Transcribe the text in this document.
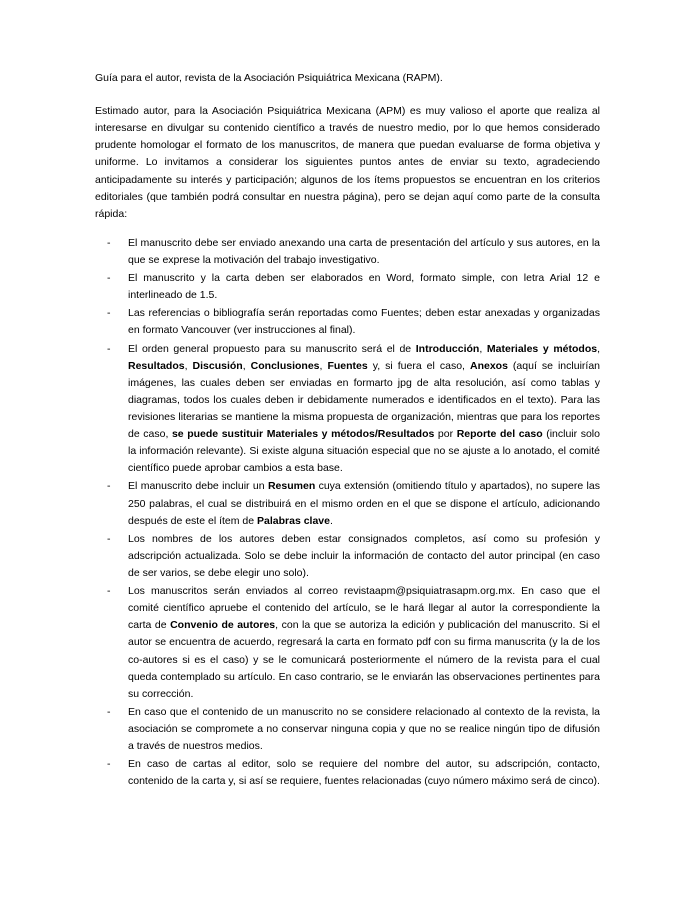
Guía para el autor, revista de la Asociación Psiquiátrica Mexicana (RAPM).

Estimado autor, para la Asociación Psiquiátrica Mexicana (APM) es muy valioso el aporte que realiza al interesarse en divulgar su contenido científico a través de nuestro medio, por lo que hemos considerado prudente homologar el formato de los manuscritos, de manera que puedan evaluarse de forma objetiva y uniforme. Lo invitamos a considerar los siguientes puntos antes de enviar su texto, agradeciendo anticipadamente su interés y participación; algunos de los ítems propuestos se encuentran en los criterios editoriales (que también podrá consultar en nuestra página), pero se dejan aquí como parte de la consulta rápida:

- El manuscrito debe ser enviado anexando una carta de presentación del artículo y sus autores, en la que se exprese la motivación del trabajo investigativo.
- El manuscrito y la carta deben ser elaborados en Word, formato simple, con letra Arial 12 e interlineado de 1.5.
- Las referencias o bibliografía serán reportadas como Fuentes; deben estar anexadas y organizadas en formato Vancouver (ver instrucciones al final).
- El orden general propuesto para su manuscrito será el de Introducción, Materiales y métodos, Resultados, Discusión, Conclusiones, Fuentes y, si fuera el caso, Anexos (aquí se incluirían imágenes, las cuales deben ser enviadas en formarto jpg de alta resolución, así como tablas y diagramas, todos los cuales deben ir debidamente numerados e identificados en el texto). Para las revisiones literarias se mantiene la misma propuesta de organización, mientras que para los reportes de caso, se puede sustituir Materiales y métodos/Resultados por Reporte del caso (incluir solo la información relevante). Si existe alguna situación especial que no se ajuste a lo anotado, el comité científico puede aprobar cambios a esta base.
- El manuscrito debe incluir un Resumen cuya extensión (omitiendo título y apartados), no supere las 250 palabras, el cual se distribuirá en el mismo orden en el que se dispone el artículo, adicionando después de este el ítem de Palabras clave.
- Los nombres de los autores deben estar consignados completos, así como su profesión y adscripción actualizada. Solo se debe incluir la información de contacto del autor principal (en caso de ser varios, se debe elegir uno solo).
- Los manuscritos serán enviados al correo revistaapm@psiquiatrasapm.org.mx. En caso que el comité científico apruebe el contenido del artículo, se le hará llegar al autor la correspondiente la carta de Convenio de autores, con la que se autoriza la edición y publicación del manuscrito. Si el autor se encuentra de acuerdo, regresará la carta en formato pdf con su firma manuscrita (y la de los co-autores si es el caso) y se le comunicará posteriormente el número de la revista para el cual queda contemplado su artículo. En caso contrario, se le enviarán las observaciones pertinentes para su corrección.
- En caso que el contenido de un manuscrito no se considere relacionado al contexto de la revista, la asociación se compromete a no conservar ninguna copia y que no se realice ningún tipo de difusión a través de nuestros medios.
- En caso de cartas al editor, solo se requiere del nombre del autor, su adscripción, contacto, contenido de la carta y, si así se requiere, fuentes relacionadas (cuyo número máximo será de cinco).
